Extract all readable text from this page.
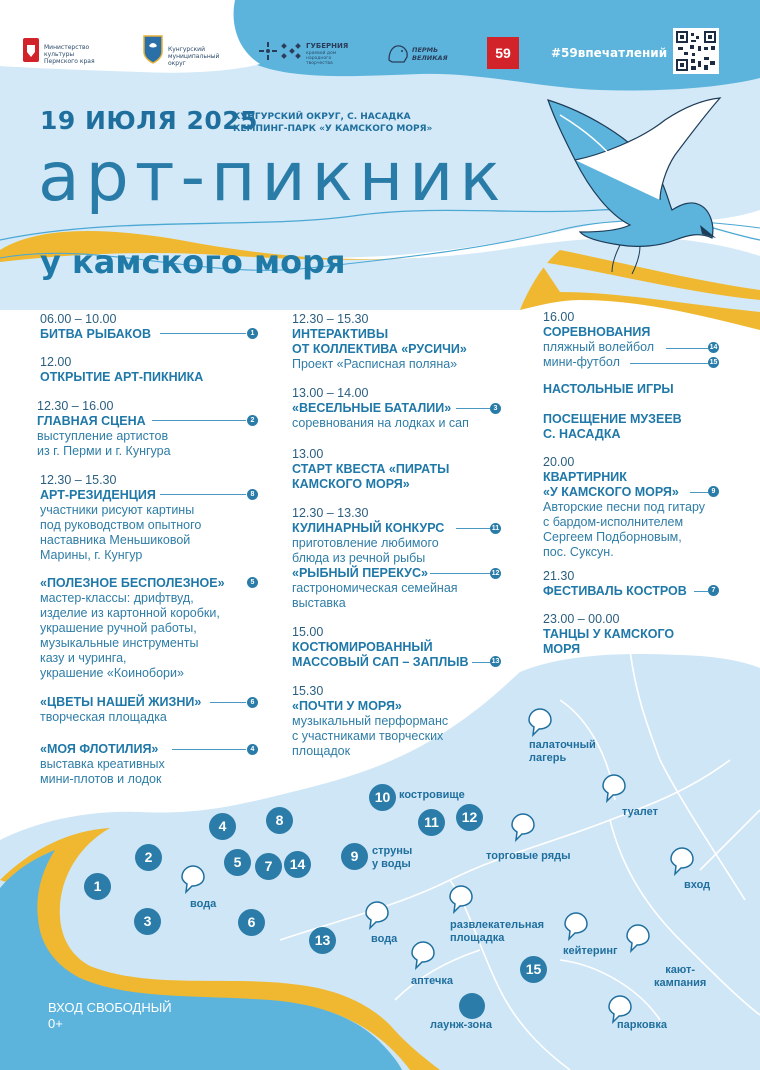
Министерство культуры Пермского края
Кунгурский муниципальный округ
ГУБЕРНИЯ
краевой дом народного творчества
ПЕРМЬ ВЕЛИКАЯ	59	#59впечатлений
19 ИЮЛЯ 2025
КУНГУРСКИЙ ОКРУГ, С. НАСАДКА
КЕМПИНГ-ПАРК «У КАМСКОГО МОРЯ»
арт-пикник
у камского моря
06.00 – 10.00
БИТВА РЫБАКОВ	1
12.00
ОТКРЫТИЕ АРТ-ПИКНИКА
12.30 – 16.00
ГЛАВНАЯ СЦЕНА
выступление артистов
из г. Перми и г. Кунгура
2
12.30 – 15.30
АРТ-РЕЗИДЕНЦИЯ
участники рисуют картины
под руководством опытного
наставника Меньшиковой
Марины, г. Кунгур
8
«ПОЛЕЗНОЕ БЕСПОЛЕЗНОЕ»
мастер-классы: дрифтвуд,
изделие из картонной коробки,
украшение ручной работы,
музыкальные инструменты
казу и чуринга,
украшение «Коинобори»
5
«ЦВЕТЫ НАШЕЙ ЖИЗНИ»
творческая площадка
6
«МОЯ ФЛОТИЛИЯ»
выставка креативных
мини-плотов и лодок
4
12.30 – 15.30
ИНТЕРАКТИВЫ
ОТ КОЛЛЕКТИВА «РУСИЧИ»
Проект «Расписная поляна»
13.00 – 14.00
«ВЕСЕЛЬНЫЕ БАТАЛИИ»
соревнования на лодках и сап
3
13.00
СТАРТ КВЕСТА «ПИРАТЫ
КАМСКОГО МОРЯ»
12.30 – 13.30
КУЛИНАРНЫЙ КОНКУРС
приготовление любимого
блюда из речной рыбы
11
«РЫБНЫЙ ПЕРЕКУС»
гастрономическая семейная
выставка
12
15.00
КОСТЮМИРОВАННЫЙ
МАССОВЫЙ САП – ЗАПЛЫВ	13
15.30
«ПОЧТИ У МОРЯ»
музыкальный перформанс
с участниками творческих
площадок
16.00
СОРЕВНОВАНИЯ
пляжный волейбол
мини-футбол
14
15
НАСТОЛЬНЫЕ ИГРЫ
ПОСЕЩЕНИЕ МУЗЕЕВ
С. НАСАДКА
20.00
КВАРТИРНИК
«У КАМСКОГО МОРЯ»
Авторские песни под гитару
с бардом-исполнителем
Сергеем Подборновым,
пос. Суксун.
9
21.30
ФЕСТИВАЛЬ КОСТРОВ	7
23.00 – 00.00
ТАНЦЫ У КАМСКОГО
МОРЯ
1
2
3
4
5
6
7
8
9
10
11	12
13
14
15
вода
вода
струны
у воды
костровище
торговые ряды
палаточный
лагерь
туалет
вход
развлекательная
площадка
кейтеринг
кают-
кампания
аптечка
лаунж-зона	парковка
ВХОД СВОБОДНЫЙ
0+
